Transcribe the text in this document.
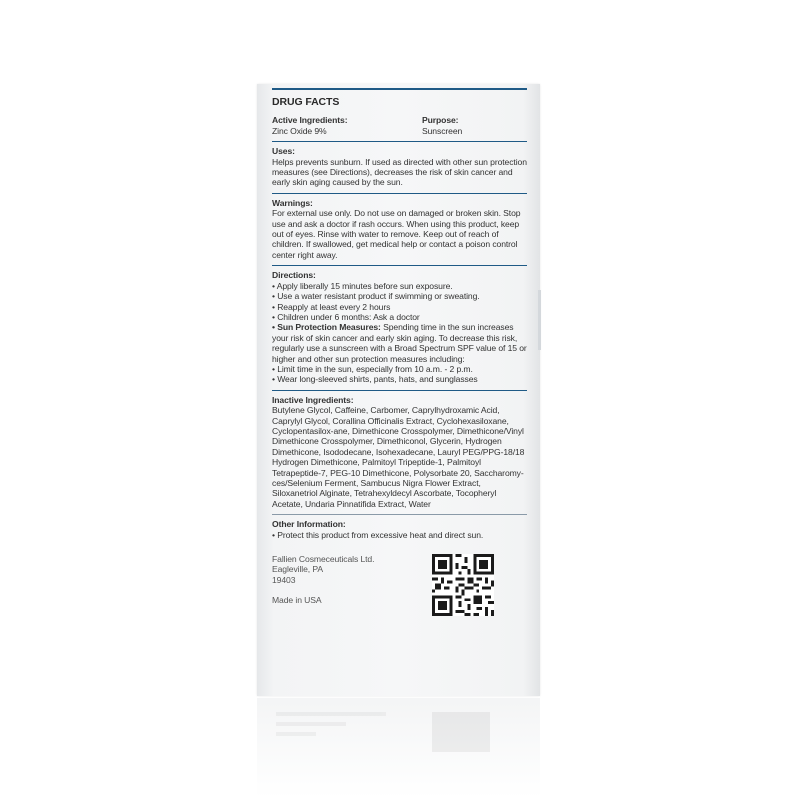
DRUG FACTS
Active Ingredients:
Zinc Oxide 9%
Purpose:
Sunscreen
Uses:
Helps prevents sunburn. If used as directed with other sun protection measures (see Directions), decreases the risk of skin cancer and early skin aging caused by the sun.
Warnings:
For external use only. Do not use on damaged or broken skin. Stop use and ask a doctor if rash occurs. When using this product, keep out of eyes. Rinse with water to remove. Keep out of reach of children. If swallowed, get medical help or contact a poison control center right away.
Directions:
• Apply liberally 15 minutes before sun exposure.
• Use a water resistant product if swimming or sweating.
• Reapply at least every 2 hours
• Children under 6 months: Ask a doctor
• Sun Protection Measures: Spending time in the sun increases your risk of skin cancer and early skin aging. To decrease this risk, regularly use a sunscreen with a Broad Spectrum SPF value of 15 or higher and other sun protection measures including:
• Limit time in the sun, especially from 10 a.m. - 2 p.m.
• Wear long-sleeved shirts, pants, hats, and sunglasses
Inactive Ingredients:
Butylene Glycol, Caffeine, Carbomer, Caprylhydroxamic Acid, Caprylyl Glycol, Corallina Officinalis Extract, Cyclohexasiloxane, Cyclopentasilox-ane, Dimethicone Crosspolymer, Dimethicone/Vinyl Dimethicone Crosspolymer, Dimethiconol, Glycerin, Hydrogen Dimethicone, Isododecane, Isohexadecane, Lauryl PEG/PPG-18/18 Hydrogen Dimethicone, Palmitoyl Tripeptide-1, Palmitoyl Tetrapeptide-7, PEG-10 Dimethicone, Polysorbate 20, Saccharomy-ces/Selenium Ferment, Sambucus Nigra Flower Extract, Siloxanetriol Alginate, Tetrahexyldecyl Ascorbate, Tocopheryl Acetate, Undaria Pinnatifida Extract, Water
Other Information:
• Protect this product from excessive heat and direct sun.
Fallien Cosmeceuticals Ltd.
Eagleville, PA
19403
Made in USA
